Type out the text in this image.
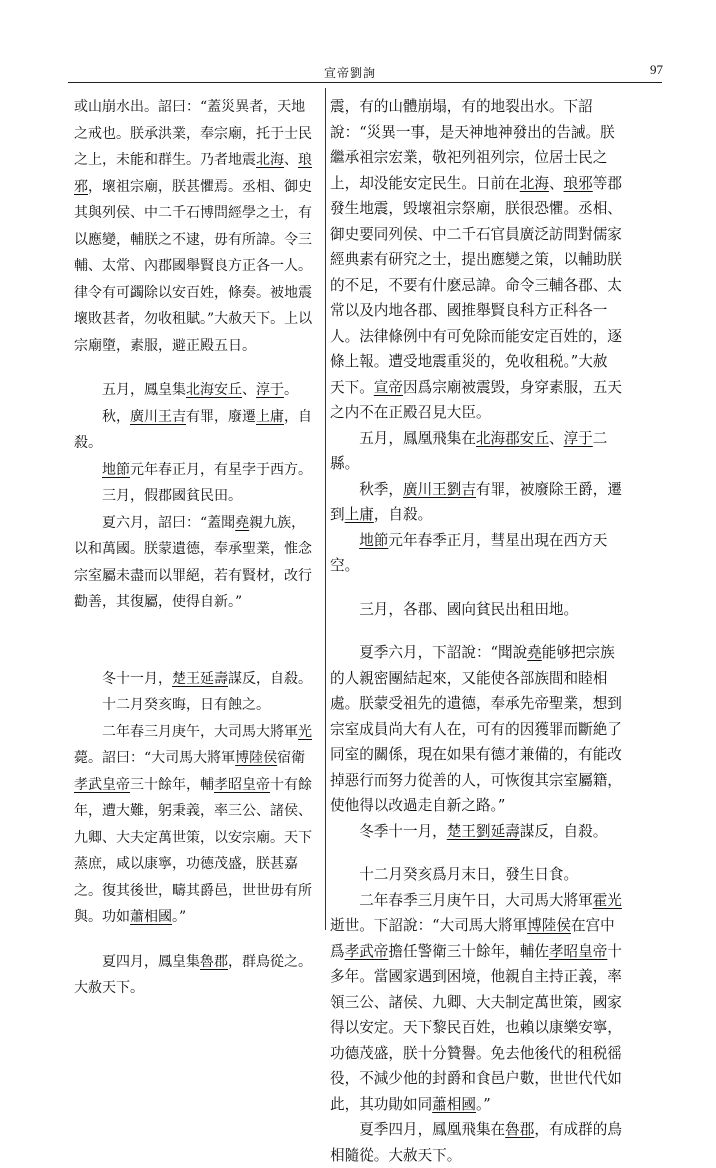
宣帝劉詢	97

或山崩水出。詔曰：“蓋災異者，天地之戒也。朕承洪業，奉宗廟，托于士民之上，未能和群生。乃者地震北海、琅邪，壞祖宗廟，朕甚懼焉。丞相、御史其與列侯、中二千石博問經學之士，有以應變，輔朕之不逮，毋有所諱。令三輔、太常、內郡國舉賢良方正各一人。律令有可蠲除以安百姓，條奏。被地震壞敗甚者，勿收租賦。”大赦天下。上以宗廟墮，素服，避正殿五日。

五月，鳳皇集北海安丘、淳于。

秋，廣川王吉有罪，廢遷上庸，自殺。

地節元年春正月，有星孛于西方。

三月，假郡國貧民田。

夏六月，詔曰：“蓋聞堯親九族，以和萬國。朕蒙遺德，奉承聖業，惟念宗室屬未盡而以罪絕，若有賢材，改行勸善，其復屬，使得自新。”

冬十一月，楚王延壽謀反，自殺。

十二月癸亥晦，日有蝕之。

二年春三月庚午，大司馬大將軍光薨。詔曰：“大司馬大將軍博陸侯宿衛孝武皇帝三十餘年，輔孝昭皇帝十有餘年，遭大難，躬秉義，率三公、諸侯、九卿、大夫定萬世策，以安宗廟。天下蒸庶，咸以康寧，功德茂盛，朕甚嘉之。復其後世，疇其爵邑，世世毋有所與。功如蕭相國。”

夏四月，鳳皇集魯郡，群鳥從之。大赦天下。

震，有的山體崩塌，有的地裂出水。下詔說：“災異一事，是天神地神發出的告誡。朕繼承祖宗宏業，敬祀列祖列宗，位居士民之上，却没能安定民生。日前在北海、琅邪等郡發生地震，毁壞祖宗祭廟，朕很恐懼。丞相、御史要同列侯、中二千石官員廣泛訪問對儒家經典素有研究之士，提出應變之策，以輔助朕的不足，不要有什麽忌諱。命令三輔各郡、太常以及内地各郡、國推舉賢良科方正科各一人。法律條例中有可免除而能安定百姓的，逐條上報。遭受地震重災的，免收租税。”大赦天下。宣帝因爲宗廟被震毁，身穿素服，五天之内不在正殿召見大臣。

五月，鳳凰飛集在北海郡安丘、淳于二縣。

秋季，廣川王劉吉有罪，被廢除王爵，遷到上庸，自殺。

地節元年春季正月，彗星出現在西方天空。

三月，各郡、國向貧民出租田地。

夏季六月，下詔說：“聞說堯能够把宗族的人親密團結起來，又能使各部族間和睦相處。朕蒙受祖先的遺德，奉承先帝聖業，想到宗室成員尚大有人在，可有的因獲罪而斷絶了同室的關係，現在如果有德才兼備的，有能改掉惡行而努力從善的人，可恢復其宗室屬籍，使他得以改過走自新之路。”

冬季十一月，楚王劉延壽謀反，自殺。

十二月癸亥爲月末日，發生日食。

二年春季三月庚午日，大司馬大將軍霍光逝世。下詔說：“大司馬大將軍博陸侯在宫中爲孝武帝擔任警衛三十餘年，輔佐孝昭皇帝十多年。當國家遇到困境，他親自主持正義，率領三公、諸侯、九卿、大夫制定萬世策，國家得以安定。天下黎民百姓，也賴以康樂安寧，功德茂盛，朕十分贊譽。免去他後代的租税徭役，不減少他的封爵和食邑户數，世世代代如此，其功勛如同蕭相國。”

夏季四月，鳳凰飛集在魯郡，有成群的鳥相隨從。大赦天下。
